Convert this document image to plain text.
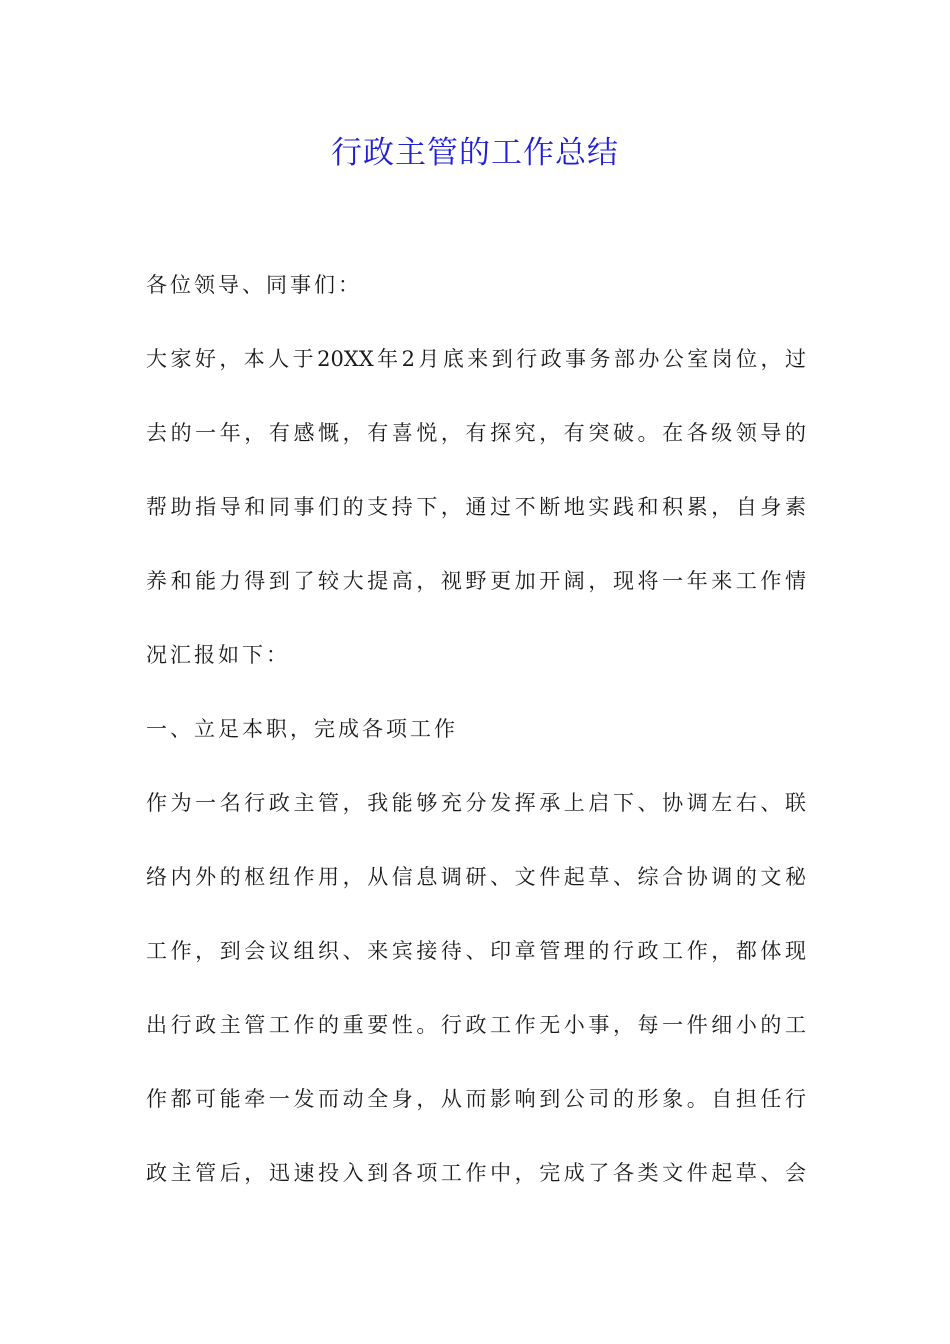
行政主管的工作总结
各位领导、同事们：
大家好，本人于20XX年2月底来到行政事务部办公室岗位，过
去的一年，有感慨，有喜悦，有探究，有突破。在各级领导的
帮助指导和同事们的支持下，通过不断地实践和积累，自身素
养和能力得到了较大提高，视野更加开阔，现将一年来工作情
况汇报如下：
一、立足本职，完成各项工作
作为一名行政主管，我能够充分发挥承上启下、协调左右、联
络内外的枢纽作用，从信息调研、文件起草、综合协调的文秘
工作，到会议组织、来宾接待、印章管理的行政工作，都体现
出行政主管工作的重要性。行政工作无小事，每一件细小的工
作都可能牵一发而动全身，从而影响到公司的形象。自担任行
政主管后，迅速投入到各项工作中，完成了各类文件起草、会
